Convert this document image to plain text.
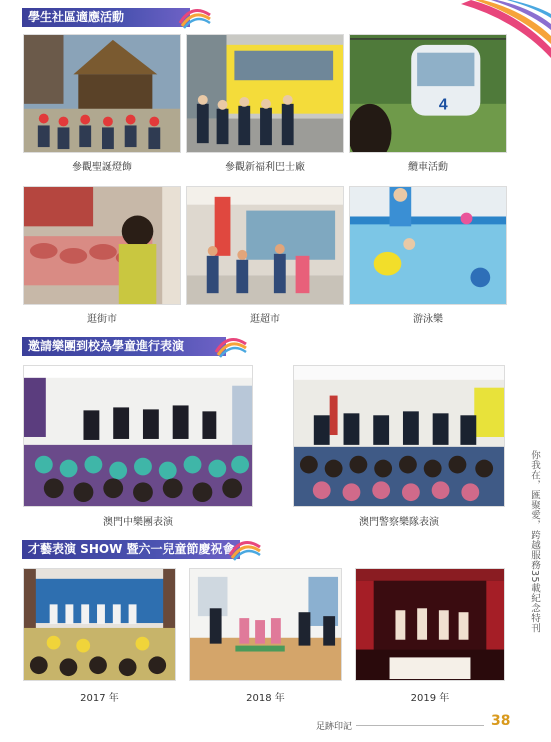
學生社區適應活動
4
參觀聖誕燈飾	參觀新福利巴士廠	纜車活動
逛街市	逛超市	游泳樂
邀請樂團到校為學童進行表演
澳門中樂團表演	澳門警察樂隊表演
才藝表演 SHOW 暨六一兒童節慶祝會
2017 年	2018 年	2019 年
你我在，匯聚愛，跨越服務35載紀念特刊
足跡印記	38
